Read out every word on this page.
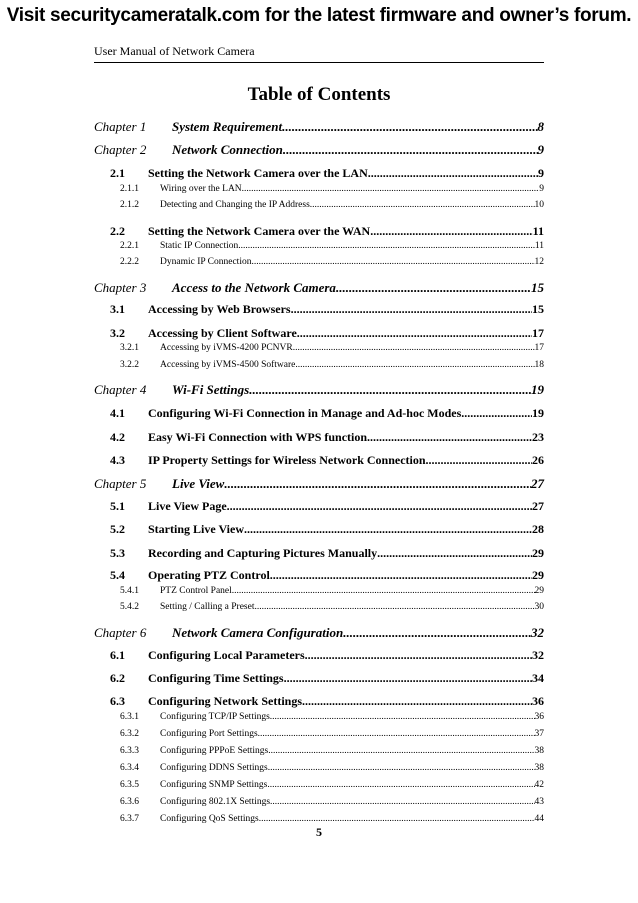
Visit securitycameratalk.com for the latest firmware and owner’s forum.
User Manual of Network Camera
Table of Contents
Chapter 1	System Requirement .....	8
Chapter 2	Network Connection .....	9
2.1	Setting the Network Camera over the LAN .....	9
2.1.1	Wiring over the LAN .....	9
2.1.2	Detecting and Changing the IP Address .....	10
2.2	Setting the Network Camera over the WAN .....	11
2.2.1	Static IP Connection .....	11
2.2.2	Dynamic IP Connection .....	12
Chapter 3	Access to the Network Camera .....	15
3.1	Accessing by Web Browsers .....	15
3.2	Accessing by Client Software .....	17
3.2.1	Accessing by iVMS-4200 PCNVR .....	17
3.2.2	Accessing by iVMS-4500 Software .....	18
Chapter 4	Wi-Fi Settings .....	19
4.1	Configuring Wi-Fi Connection in Manage and Ad-hoc Modes .....	19
4.2	Easy Wi-Fi Connection with WPS function .....	23
4.3	IP Property Settings for Wireless Network Connection .....	26
Chapter 5	Live View .....	27
5.1	Live View Page .....	27
5.2	Starting Live View .....	28
5.3	Recording and Capturing Pictures Manually .....	29
5.4	Operating PTZ Control .....	29
5.4.1	PTZ Control Panel .....	29
5.4.2	Setting / Calling a Preset .....	30
Chapter 6	Network Camera Configuration .....	32
6.1	Configuring Local Parameters .....	32
6.2	Configuring Time Settings .....	34
6.3	Configuring Network Settings .....	36
6.3.1	Configuring TCP/IP Settings .....	36
6.3.2	Configuring Port Settings .....	37
6.3.3	Configuring PPPoE Settings .....	38
6.3.4	Configuring DDNS Settings .....	38
6.3.5	Configuring SNMP Settings .....	42
6.3.6	Configuring 802.1X Settings .....	43
6.3.7	Configuring QoS Settings .....	44
5
